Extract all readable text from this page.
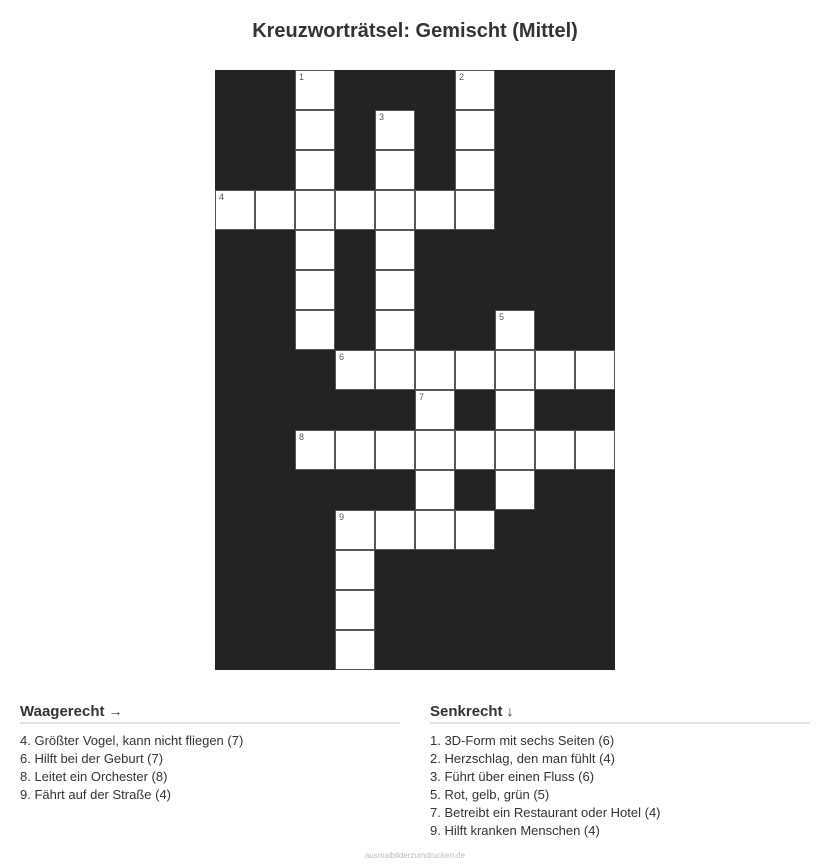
Kreuzworträtsel: Gemischt (Mittel)
1	2
3
4
5
6
7
8
9
Waagerecht →
4. Größter Vogel, kann nicht fliegen (7)
6. Hilft bei der Geburt (7)
8. Leitet ein Orchester (8)
9. Fährt auf der Straße (4)
Senkrecht ↓
1. 3D-Form mit sechs Seiten (6)
2. Herzschlag, den man fühlt (4)
3. Führt über einen Fluss (6)
5. Rot, gelb, grün (5)
7. Betreibt ein Restaurant oder Hotel (4)
9. Hilft kranken Menschen (4)
ausmalbilderzumdrucken.de
